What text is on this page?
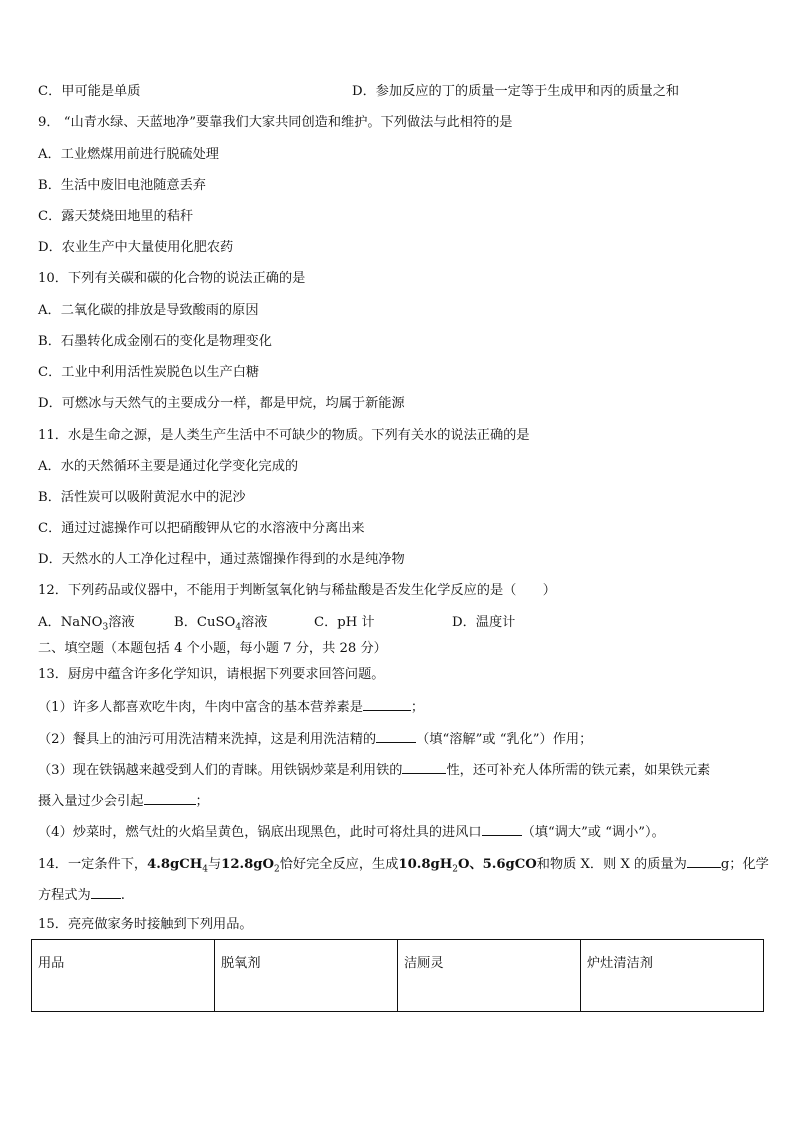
C．甲可能是单质	D．参加反应的丁的质量一定等于生成甲和丙的质量之和
9． “山青水绿、天蓝地净”要靠我们大家共同创造和维护。下列做法与此相符的是
A．工业燃煤用前进行脱硫处理
B．生活中废旧电池随意丢弃
C．露天焚烧田地里的秸秆
D．农业生产中大量使用化肥农药
10．下列有关碳和碳的化合物的说法正确的是
A．二氧化碳的排放是导致酸雨的原因
B．石墨转化成金刚石的变化是物理变化
C．工业中利用活性炭脱色以生产白糖
D．可燃冰与天然气的主要成分一样，都是甲烷，均属于新能源
11．水是生命之源，是人类生产生活中不可缺少的物质。下列有关水的说法正确的是
A．水的天然循环主要是通过化学变化完成的
B．活性炭可以吸附黄泥水中的泥沙
C．通过过滤操作可以把硝酸钾从它的水溶液中分离出来
D．天然水的人工净化过程中，通过蒸馏操作得到的水是纯净物
12．下列药品或仪器中，不能用于判断氢氧化钠与稀盐酸是否发生化学反应的是（　　）
A．NaNO$_3$溶液	B．CuSO$_4$溶液	C．pH 计	D．温度计
二、填空题（本题包括 4 个小题，每小题 7 分，共 28 分）
13．厨房中蕴含许多化学知识，请根据下列要求回答问题。
（1）许多人都喜欢吃牛肉，牛肉中富含的基本营养素是	；
（2）餐具上的油污可用洗洁精来洗掉，这是利用洗洁精的	（填“溶解”或 “乳化”）作用；
（3）现在铁锅越来越受到人们的青睐。用铁锅炒菜是利用铁的	性，还可补充人体所需的铁元素，如果铁元素
摄入量过少会引起	；
（4）炒菜时，燃气灶的火焰呈黄色，锅底出现黑色，此时可将灶具的进风口	（填“调大”或 “调小”）。
14．一定条件下，4.8gCH$_4$与$12.8gO_2$恰好完全反应，生成$10.8gH_2O$、5.6gCO和物质 X．则 X 的质量为	g；化学
方程式为 .
15．亮亮做家务时接触到下列用品。
用品	脱氧剂	洁厕灵	炉灶清洁剂
